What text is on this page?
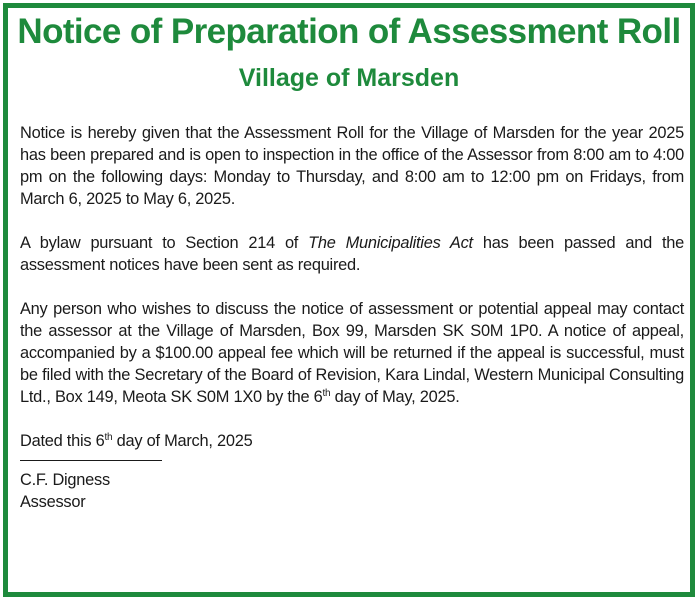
Notice of Preparation of Assessment Roll
Village of Marsden

Notice is hereby given that the Assessment Roll for the Village of Marsden for the year 2025 has been prepared and is open to inspection in the office of the Assessor from 8:00 am to 4:00 pm on the following days: Monday to Thursday, and 8:00 am to 12:00 pm on Fridays, from March 6, 2025 to May 6, 2025.

A bylaw pursuant to Section 214 of The Municipalities Act has been passed and the assessment notices have been sent as required.

Any person who wishes to discuss the notice of assessment or potential appeal may contact the assessor at the Village of Marsden, Box 99, Marsden SK S0M 1P0. A notice of appeal, accompanied by a $100.00 appeal fee which will be returned if the appeal is successful, must be filed with the Secretary of the Board of Revision, Kara Lindal, Western Municipal Consulting Ltd., Box 149, Meota SK S0M 1X0 by the 6th day of May, 2025.

Dated this 6th day of March, 2025

C.F. Digness
Assessor
